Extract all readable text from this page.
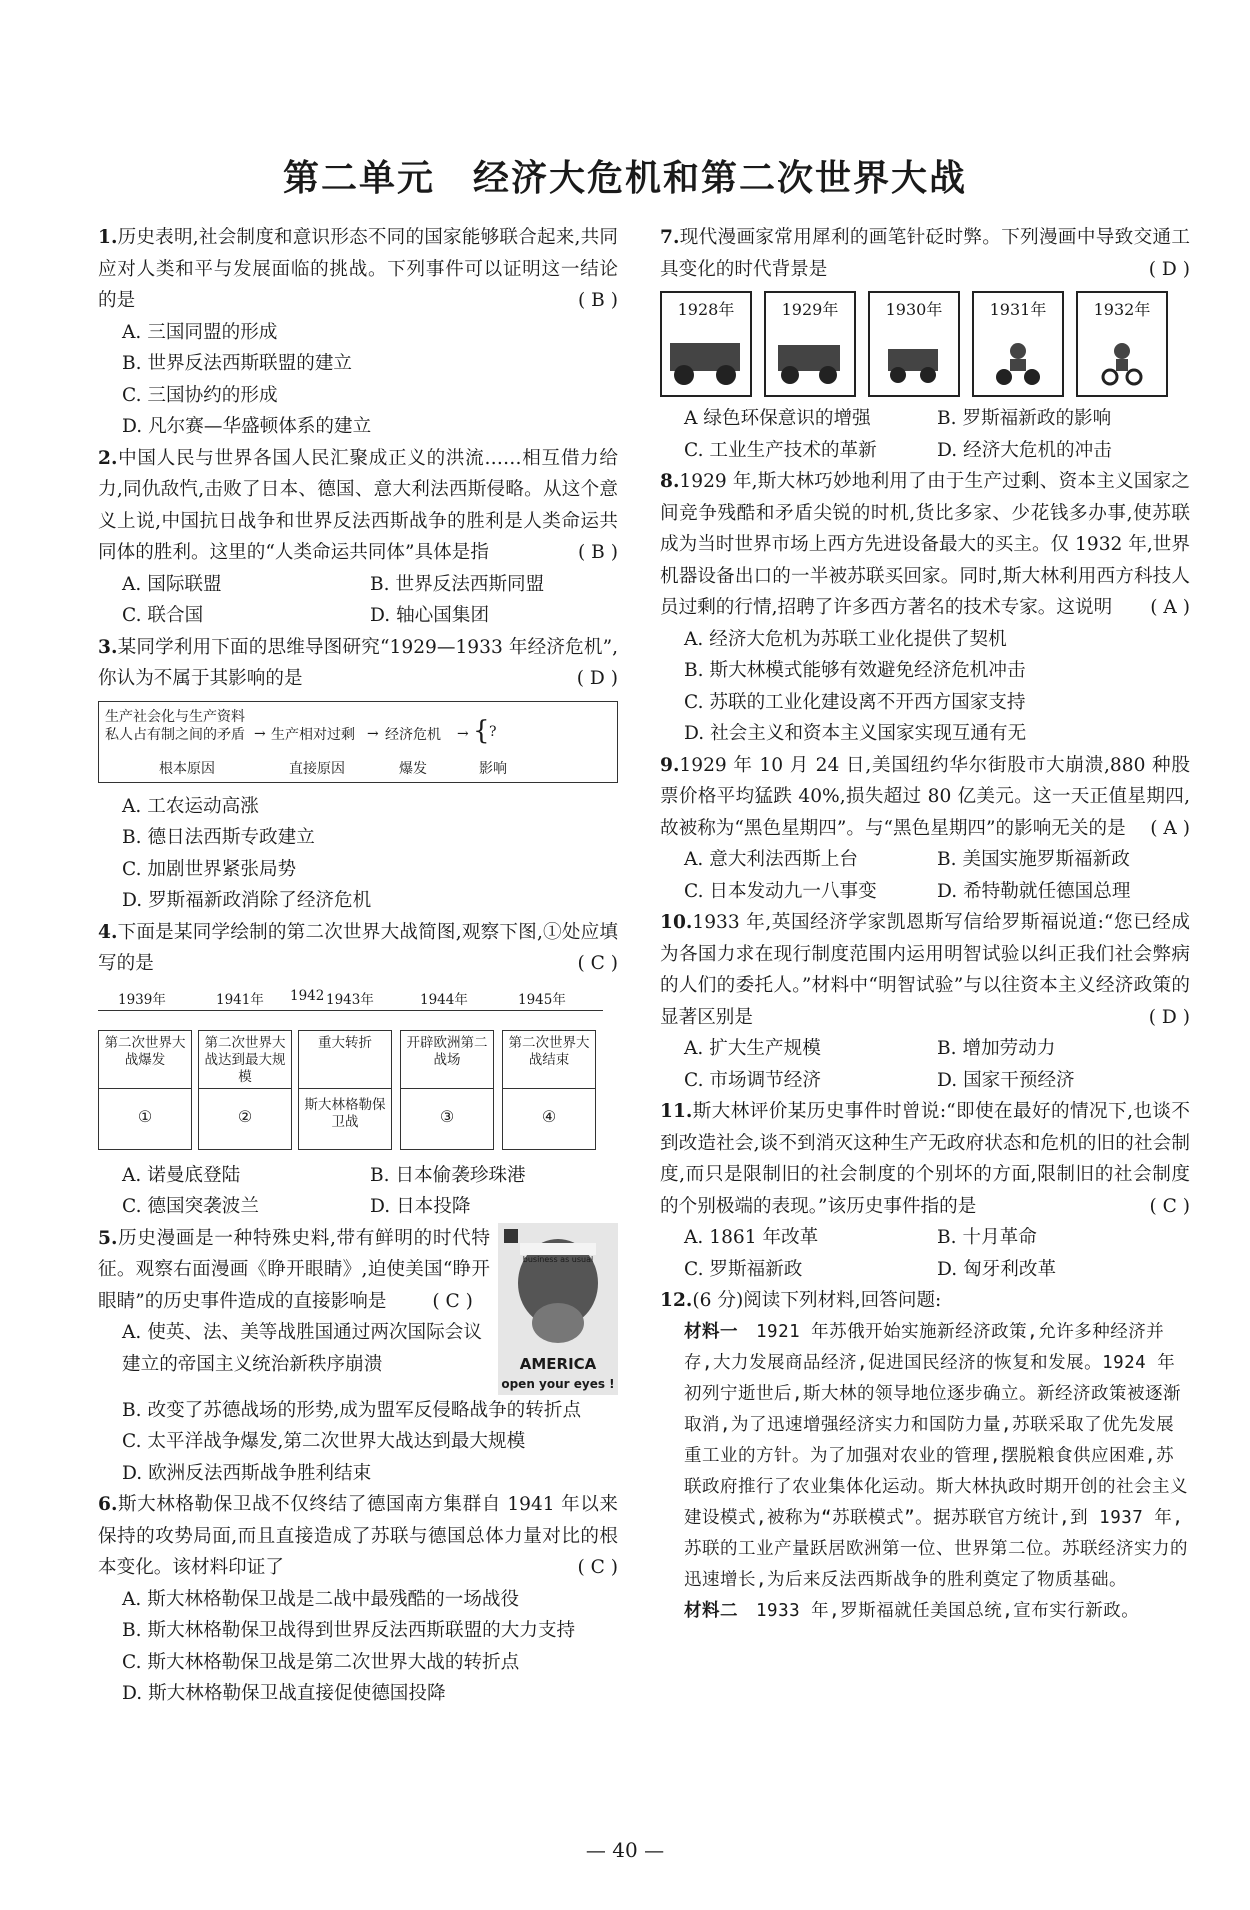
第二单元　经济大危机和第二次世界大战
1.历史表明,社会制度和意识形态不同的国家能够联合起来,共同应对人类和平与发展面临的挑战。下列事件可以证明这一结论的是	( B )
A. 三国同盟的形成
B. 世界反法西斯联盟的建立
C. 三国协约的形成
D. 凡尔赛—华盛顿体系的建立
2.中国人民与世界各国人民汇聚成正义的洪流……相互借力给力,同仇敌忾,击败了日本、德国、意大利法西斯侵略。从这个意义上说,中国抗日战争和世界反法西斯战争的胜利是人类命运共同体的胜利。这里的“人类命运共同体”具体是指	( B )
A. 国际联盟	B. 世界反法西斯同盟
C. 联合国	D. 轴心国集团
3.某同学利用下面的思维导图研究“1929—1933 年经济危机”,你认为不属于其影响的是	( D )
生产社会化与生产资料
私人占有制之间的矛盾 → 生产相对过剩 → 经济危机 → { ?
根本原因	直接原因	爆发	影响
A. 工农运动高涨
B. 德日法西斯专政建立
C. 加剧世界紧张局势
D. 罗斯福新政消除了经济危机
4.下面是某同学绘制的第二次世界大战简图,观察下图,①处应填写的是	( C )
1939年	1941年 1942 1943年	1944年	1945年
第二次世界大战爆发
①
第二次世界大战达到最大规模
②
重大转折
斯大林格勒保卫战
开辟欧洲第二战场
③
第二次世界大战结束
④
A. 诺曼底登陆	B. 日本偷袭珍珠港
C. 德国突袭波兰	D. 日本投降
business as usual
AMERICA
open your eyes !
5.历史漫画是一种特殊史料,带有鲜明的时代特征。观察右面漫画《睁开眼睛》,迫使美国“睁开眼睛”的历史事件造成的直接影响是 ( C )
A. 使英、法、美等战胜国通过两次国际会议建立的帝国主义统治新秩序崩溃
B. 改变了苏德战场的形势,成为盟军反侵略战争的转折点
C. 太平洋战争爆发,第二次世界大战达到最大规模
D. 欧洲反法西斯战争胜利结束
6.斯大林格勒保卫战不仅终结了德国南方集群自 1941 年以来保持的攻势局面,而且直接造成了苏联与德国总体力量对比的根本变化。该材料印证了	( C )
A. 斯大林格勒保卫战是二战中最残酷的一场战役
B. 斯大林格勒保卫战得到世界反法西斯联盟的大力支持
C. 斯大林格勒保卫战是第二次世界大战的转折点
D. 斯大林格勒保卫战直接促使德国投降
7.现代漫画家常用犀利的画笔针砭时弊。下列漫画中导致交通工具变化的时代背景是	( D )
1928年	1929年	1930年	1931年	1932年
A 绿色环保意识的增强	B. 罗斯福新政的影响
C. 工业生产技术的革新	D. 经济大危机的冲击
8.1929 年,斯大林巧妙地利用了由于生产过剩、资本主义国家之间竞争残酷和矛盾尖锐的时机,货比多家、少花钱多办事,使苏联成为当时世界市场上西方先进设备最大的买主。仅 1932 年,世界机器设备出口的一半被苏联买回家。同时,斯大林利用西方科技人员过剩的行情,招聘了许多西方著名的技术专家。这说明 ( A )
A. 经济大危机为苏联工业化提供了契机
B. 斯大林模式能够有效避免经济危机冲击
C. 苏联的工业化建设离不开西方国家支持
D. 社会主义和资本主义国家实现互通有无
9.1929 年 10 月 24 日,美国纽约华尔街股市大崩溃,880 种股票价格平均猛跌 40%,损失超过 80 亿美元。这一天正值星期四,故被称为“黑色星期四”。与“黑色星期四”的影响无关的是 ( A )
A. 意大利法西斯上台	B. 美国实施罗斯福新政
C. 日本发动九一八事变	D. 希特勒就任德国总理
10.1933 年,英国经济学家凯恩斯写信给罗斯福说道:“您已经成为各国力求在现行制度范围内运用明智试验以纠正我们社会弊病的人们的委托人。”材料中“明智试验”与以往资本主义经济政策的显著区别是	( D )
A. 扩大生产规模	B. 增加劳动力
C. 市场调节经济	D. 国家干预经济
11.斯大林评价某历史事件时曾说:“即使在最好的情况下,也谈不到改造社会,谈不到消灭这种生产无政府状态和危机的旧的社会制度,而只是限制旧的社会制度的个别坏的方面,限制旧的社会制度的个别极端的表现。”该历史事件指的是	( C )
A. 1861 年改革	B. 十月革命
C. 罗斯福新政	D. 匈牙利改革
12.(6 分)阅读下列材料,回答问题:
材料一　 1921 年苏俄开始实施新经济政策,允许多种经济并存,大力发展商品经济,促进国民经济的恢复和发展。1924 年初列宁逝世后,斯大林的领导地位逐步确立。新经济政策被逐渐取消,为了迅速增强经济实力和国防力量,苏联采取了优先发展重工业的方针。为了加强对农业的管理,摆脱粮食供应困难,苏联政府推行了农业集体化运动。斯大林执政时期开创的社会主义建设模式,被称为“苏联模式”。据苏联官方统计,到 1937 年,苏联的工业产量跃居欧洲第一位、世界第二位。苏联经济实力的迅速增长,为后来反法西斯战争的胜利奠定了物质基础。
材料二　 1933 年,罗斯福就任美国总统,宣布实行新政。
— 40 —
